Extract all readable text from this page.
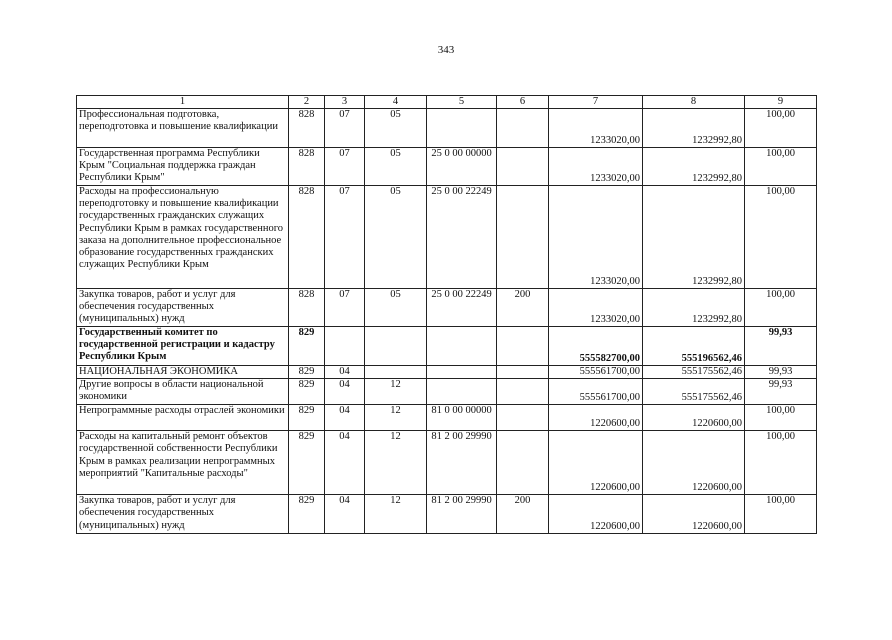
343
1	2	3	4	5	6	7	8	9
Профессиональная подготовка, переподготовка и повышение квалификации	828	07	05			1233020,00	1232992,80	100,00
Государственная программа Республики Крым "Социальная поддержка граждан Республики Крым"	828	07	05	25 0 00 00000		1233020,00	1232992,80	100,00
Расходы на профессиональную переподготовку и повышение квалификации государственных гражданских служащих Республики Крым в рамках государственного заказа на дополнительное профессиональное образование государственных гражданских служащих Республики Крым	828	07	05	25 0 00 22249		1233020,00	1232992,80	100,00
Закупка товаров, работ и услуг для обеспечения государственных (муниципальных) нужд	828	07	05	25 0 00 22249	200	1233020,00	1232992,80	100,00
Государственный комитет по государственной регистрации и кадастру Республики Крым	829					555582700,00	555196562,46	99,93
НАЦИОНАЛЬНАЯ ЭКОНОМИКА	829	04				555561700,00	555175562,46	99,93
Другие вопросы в области национальной экономики	829	04	12			555561700,00	555175562,46	99,93
Непрограммные расходы отраслей экономики	829	04	12	81 0 00 00000		1220600,00	1220600,00	100,00
Расходы на капитальный ремонт объектов государственной собственности Республики Крым в рамках реализации непрограммных мероприятий "Капитальные расходы"	829	04	12	81 2 00 29990		1220600,00	1220600,00	100,00
Закупка товаров, работ и услуг для обеспечения государственных (муниципальных) нужд	829	04	12	81 2 00 29990	200	1220600,00	1220600,00	100,00
